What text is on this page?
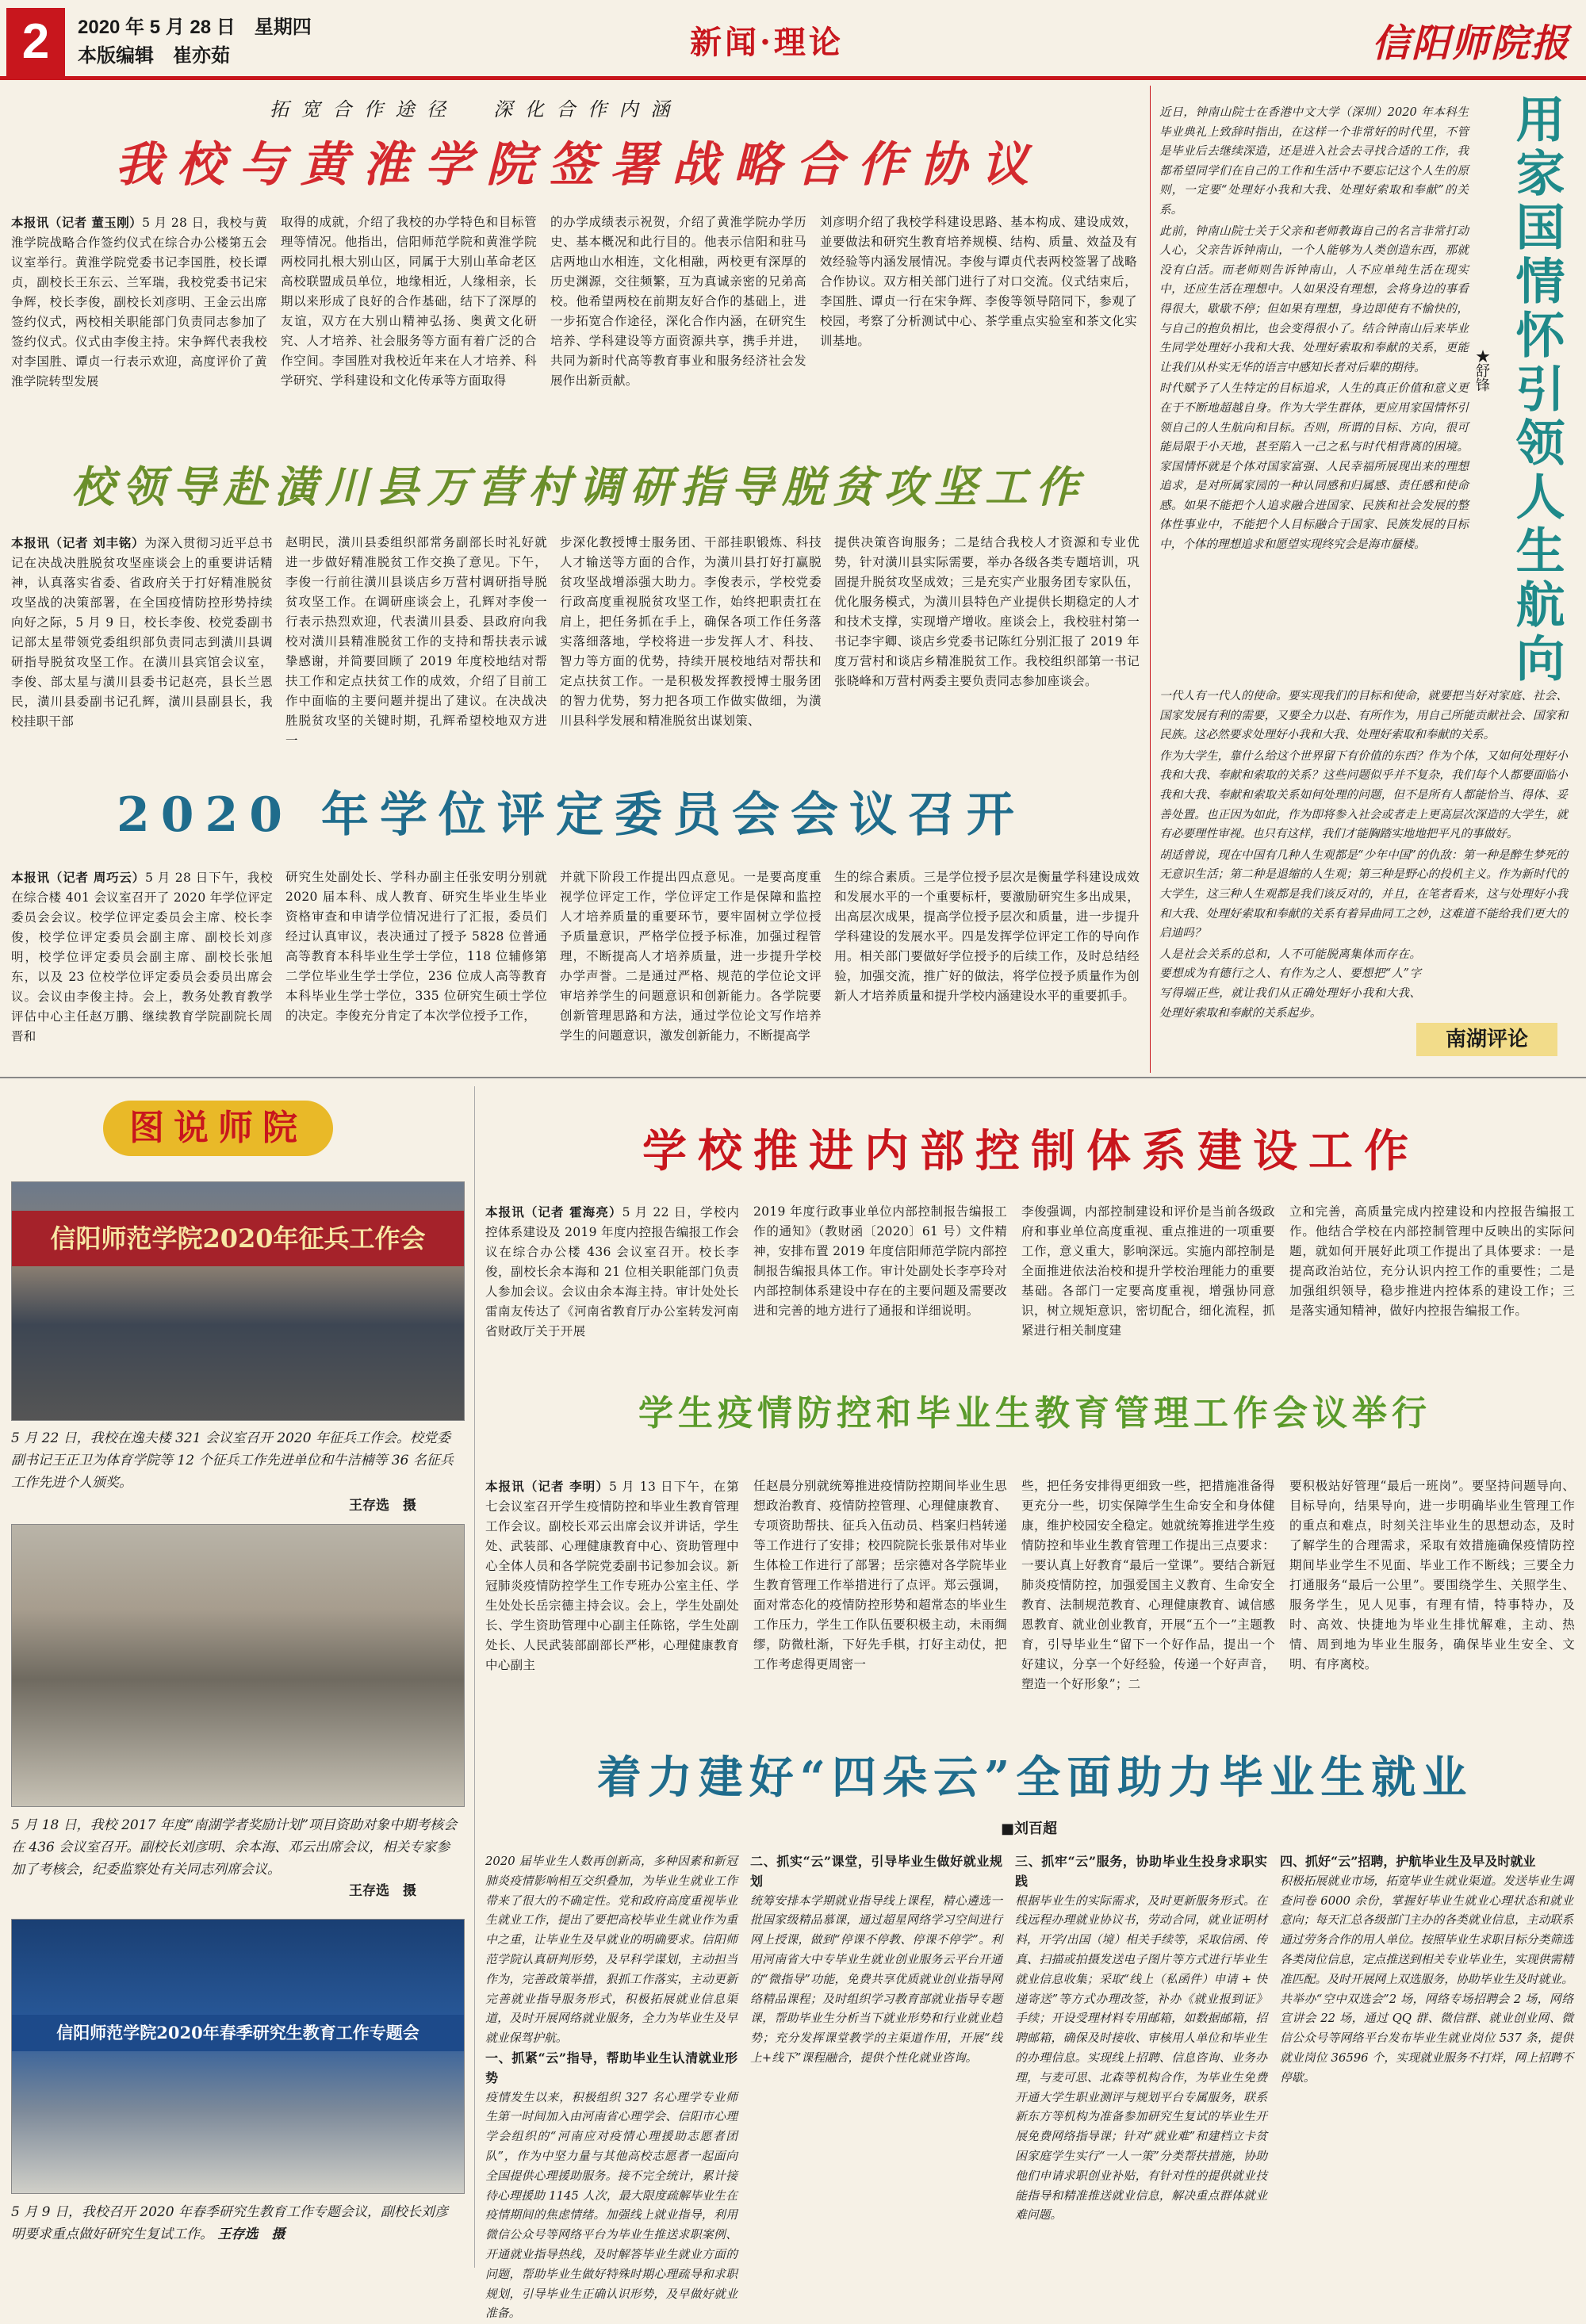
2	2020 年 5 月 28 日　星期四
本版编辑　崔亦茹	新闻·理论	信阳师院报
拓 宽 合 作 途 径　　深 化 合 作 内 涵
我校与黄淮学院签署战略合作协议

本报讯（记者 董玉刚）5 月 28 日，我校与黄淮学院战略合作签约仪式在综合办公楼第五会议室举行。黄淮学院党委书记李国胜，校长谭贞，副校长王东云、兰军瑞，我校党委书记宋争辉，校长李俊，副校长刘彦明、王金云出席签约仪式，两校相关职能部门负责同志参加了签约仪式。仪式由李俊主持。宋争辉代表我校对李国胜、谭贞一行表示欢迎，高度评价了黄淮学院转型发展

取得的成就，介绍了我校的办学特色和目标管理等情况。他指出，信阳师范学院和黄淮学院两校同扎根大别山区，同属于大别山革命老区高校联盟成员单位，地缘相近，人缘相亲，长期以来形成了良好的合作基础，结下了深厚的友谊，双方在大别山精神弘扬、奥黄文化研究、人才培养、社会服务等方面有着广泛的合作空间。李国胜对我校近年来在人才培养、科学研究、学科建设和文化传承等方面取得

的办学成绩表示祝贺，介绍了黄淮学院办学历史、基本概况和此行目的。他表示信阳和驻马店两地山水相连，文化相融，两校更有深厚的历史渊源，交往频繁，互为真诚亲密的兄弟高校。他希望两校在前期友好合作的基础上，进一步拓宽合作途径，深化合作内涵，在研究生培养、学科建设等方面资源共享，携手并进，共同为新时代高等教育事业和服务经济社会发展作出新贡献。

刘彦明介绍了我校学科建设思路、基本构成、建设成效，並要做法和研究生教育培养规模、结构、质量、效益及有效经验等内涵发展情况。李俊与谭贞代表两校签署了战略合作协议。双方相关部门进行了对口交流。仪式结束后，李国胜、谭贞一行在宋争辉、李俊等领导陪同下，参观了校园，考察了分析测试中心、茶学重点实验室和茶文化实训基地。

近日，钟南山院士在香港中文大学（深圳）2020 年本科生毕业典礼上致辞时指出，在这样一个非常好的时代里，不管是毕业后去继续深造，还是进入社会去寻找合适的工作，我都希望同学们在自己的工作和生活中不要忘记这个人生的原则，一定要“处理好小我和大我、处理好索取和奉献”的关系。

此前，钟南山院士关于父亲和老师教诲自己的名言非常打动人心，父亲告诉钟南山，一个人能够为人类创造东西，那就没有白活。而老师则告诉钟南山，人不应单纯生活在现实中，还应生活在理想中。人如果没有理想，会将身边的事看得很大，歇歇不停；但如果有理想，身边即使有不愉快的，与自己的抱负相比，也会变得很小了。结合钟南山后来毕业生同学处理好小我和大我、处理好索取和奉献的关系，更能让我们从朴实无华的语言中感知长者对后辈的期待。

时代赋予了人生特定的目标追求，人生的真正价值和意义更在于不断地超越自身。作为大学生群体，更应用家国情怀引领自己的人生航向和目标。否则，所谓的目标、方向，很可能局限于小天地，甚至陷入一己之私与时代相背离的困境。家国情怀就是个体对国家富强、人民幸福所展现出来的理想追求，是对所属家园的一种认同感和归属感、责任感和使命感。如果不能把个人追求融合进国家、民族和社会发展的整体性事业中，不能把个人目标融合于国家、民族发展的目标中，个体的理想追求和愿望实现终究会是海市蜃楼。

一代人有一代人的使命。要实现我们的目标和使命，就要把当好对家庭、社会、国家发展有利的需要，又要全力以赴、有所作为，用自己所能贡献社会、国家和民族。这必然要求处理好小我和大我、处理好索取和奉献的关系。

作为大学生，靠什么给这个世界留下有价值的东西？作为个体，又如何处理好小我和大我、奉献和索取的关系？这些问题似乎并不复杂，我们每个人都要面临小我和大我、奉献和索取关系如何处理的问题，但不是所有人都能恰当、得体、妥善处置。也正因为如此，作为即将参入社会或者走上更高层次深造的大学生，就有必要理性审视。也只有这样，我们才能胸踏实地地把平凡的事做好。

胡适曾说，现在中国有几种人生观都是“少年中国”的仇敌：第一种是醉生梦死的无意识生活；第二种是退缩的人生观；第三种是野心的投机主义。作为新时代的大学生，这三种人生观都是我们该反对的，并且，在笔者看来，这与处理好小我和大我、处理好索取和奉献的关系有着异曲同工之妙，这难道不能给我们更大的启迪吗？

人是社会关系的总和，人不可能脱离集体而存在。要想成为有德行之人、有作为之人、要想把“人”字写得端正些，就让我们从正确处理好小我和大我、处理好索取和奉献的关系起步。

用家国情怀引领人生航向
★舒锋
南湖评论
校领导赴潢川县万营村调研指导脱贫攻坚工作

本报讯（记者 刘丰铭）为深入贯彻习近平总书记在决战决胜脱贫攻坚座谈会上的重要讲话精神，认真落实省委、省政府关于打好精准脱贫攻坚战的决策部署，在全国疫情防控形势持续向好之际，5 月 9 日，校长李俊、校党委副书记部太星带领党委组织部负责同志到潢川县调研指导脱贫攻坚工作。在潢川县宾馆会议室，李俊、部太星与潢川县委书记赵亮，县长兰恩民，潢川县委副书记孔辉，潢川县副县长，我校挂职干部

赵明民，潢川县委组织部常务副部长时礼好就进一步做好精准脱贫工作交换了意见。下午，李俊一行前往潢川县谈店乡万营村调研指导脱贫攻坚工作。在调研座谈会上，孔辉对李俊一行表示热烈欢迎，代表潢川县委、县政府向我校对潢川县精准脱贫工作的支持和帮扶表示诚挚感谢，并简要回顾了 2019 年度校地结对帮扶工作和定点扶贫工作的成效，介绍了目前工作中面临的主要问题并提出了建议。在决战决胜脱贫攻坚的关键时期，孔辉希望校地双方进一

步深化教授博士服务团、干部挂职锻炼、科技人才输送等方面的合作，为潢川县打好打赢脱贫攻坚战增添强大助力。李俊表示，学校党委行政高度重视脱贫攻坚工作，始终把职责扛在肩上，把任务抓在手上，确保各项工作任务落实落细落地，学校将进一步发挥人才、科技、智力等方面的优势，持续开展校地结对帮扶和定点扶贫工作。一是积极发挥教授博士服务团的智力优势，努力把各项工作做实做细，为潢川县科学发展和精准脱贫出谋划策、

提供决策咨询服务；二是结合我校人才资源和专业优势，针对潢川县实际需要，举办各级各类专题培训，巩固提升脱贫攻坚成效；三是充实产业服务团专家队伍，优化服务模式，为潢川县特色产业提供长期稳定的人才和技术支撑，实现增产增收。座谈会上，我校驻村第一书记李宇卿、谈店乡党委书记陈红分别汇报了 2019 年度万营村和谈店乡精准脱贫工作。我校组织部第一书记张晓峰和万营村两委主要负责同志参加座谈会。

2020 年学位评定委员会会议召开

本报讯（记者 周巧云）5 月 28 日下午，我校在综合楼 401 会议室召开了 2020 年学位评定委员会会议。校学位评定委员会主席、校长李俊，校学位评定委员会副主席、副校长刘彦明，校学位评定委员会副主席、副校长张旭东，以及 23 位校学位评定委员会委员出席会议。会议由李俊主持。会上，教务处教育教学评估中心主任赵万鹏、继续教育学院副院长周晋和

研究生处副处长、学科办副主任张安明分别就 2020 届本科、成人教育、研究生毕业生毕业资格审查和申请学位情况进行了汇报，委员们经过认真审议，表决通过了授予 5828 位普通高等教育本科毕业生学士学位，118 位辅修第二学位毕业生学士学位，236 位成人高等教育本科毕业生学士学位，335 位研究生硕士学位的决定。李俊充分肯定了本次学位授予工作，

并就下阶段工作提出四点意见。一是要高度重视学位评定工作，学位评定工作是保障和监控人才培养质量的重要环节，要牢固树立学位授予质量意识，严格学位授予标准，加强过程管理，不断提高人才培养质量，进一步提升学校办学声誉。二是通过严格、规范的学位论文评审培养学生的问题意识和创新能力。各学院要创新管理思路和方法，通过学位论文写作培养学生的问题意识，激发创新能力，不断提高学

生的综合素质。三是学位授予层次是衡量学科建设成效和发展水平的一个重要标杆，要激励研究生多出成果，出高层次成果，提高学位授予层次和质量，进一步提升学科建设的发展水平。四是发挥学位评定工作的导向作用。相关部门要做好学位授予的后续工作，及时总结经验，加强交流，推广好的做法，将学位授予质量作为创新人才培养质量和提升学校内涵建设水平的重要抓手。

图说师院
信阳师范学院2020年征兵工作会
5 月 22 日，我校在逸夫楼 321 会议室召开 2020 年征兵工作会。校党委副书记王正卫为体育学院等 12 个征兵工作先进单位和牛洁楠等 36 名征兵工作先进个人颁奖。
王存选　摄
5 月 18 日，我校 2017 年度“南湖学者奖励计划”项目资助对象中期考核会在 436 会议室召开。副校长刘彦明、余本海、邓云出席会议，相关专家参加了考核会，纪委监察处有关同志列席会议。
王存选　摄
信阳师范学院2020年春季研究生教育工作专题会
5 月 9 日，我校召开 2020 年春季研究生教育工作专题会议，副校长刘彦明要求重点做好研究生复试工作。 王存选　摄
学校推进内部控制体系建设工作

本报讯（记者 霍海亮）5 月 22 日，学校内控体系建设及 2019 年度内控报告编报工作会议在综合办公楼 436 会议室召开。校长李俊，副校长余本海和 21 位相关职能部门负责人参加会议。会议由余本海主持。审计处处长雷南友传达了《河南省教育厅办公室转发河南省财政厅关于开展

2019 年度行政事业单位内部控制报告编报工作的通知》（教财函〔2020〕61 号）文件精神，安排布置 2019 年度信阳师范学院内部控制报告编报具体工作。审计处副处长李亭玲对内部控制体系建设中存在的主要问题及需要改进和完善的地方进行了通报和详细说明。

李俊强调，内部控制建设和评价是当前各级政府和事业单位高度重视、重点推进的一项重要工作，意义重大，影响深远。实施内部控制是全面推进依法治校和提升学校治理能力的重要基础。各部门一定要高度重视，增强协同意识，树立规矩意识，密切配合，细化流程，抓紧进行相关制度建

立和完善，高质量完成内控建设和内控报告编报工作。他结合学校在内部控制管理中反映出的实际问题，就如何开展好此项工作提出了具体要求：一是提高政治站位，充分认识内控工作的重要性；二是加强组织领导，稳步推进内控体系的建设工作；三是落实通知精神，做好内控报告编报工作。

学生疫情防控和毕业生教育管理工作会议举行

本报讯（记者 李明）5 月 13 日下午，在第七会议室召开学生疫情防控和毕业生教育管理工作会议。副校长邓云出席会议并讲话，学生处、武装部、心理健康教育中心、资助管理中心全体人员和各学院党委副书记参加会议。新冠肺炎疫情防控学生工作专班办公室主任、学生处处长岳宗德主持会议。会上，学生处副处长、学生资助管理中心副主任陈铭，学生处副处长、人民武装部副部长严彬，心理健康教育中心副主

任赵晨分别就统筹推进疫情防控期间毕业生思想政治教育、疫情防控管理、心理健康教育、专项资助帮扶、征兵入伍动员、档案归档转递等工作进行了安排；校四院院长张景伟对毕业生体检工作进行了部署；岳宗德对各学院毕业生教育管理工作举措进行了点评。郑云强调，面对常态化的疫情防控形势和超常态的毕业生工作压力，学生工作队伍要积极主动，未雨绸缪，防微杜渐，下好先手棋，打好主动仗，把工作考虑得更周密一

些，把任务安排得更细致一些，把措施准备得更充分一些，切实保障学生生命安全和身体健康，维护校园安全稳定。她就统筹推进学生疫情防控和毕业生教育管理工作提出三点要求：一要认真上好教育“最后一堂课”。要结合新冠肺炎疫情防控，加强爱国主义教育、生命安全教育、法制规范教育、心理健康教育、诚信感恩教育、就业创业教育，开展“五个一”主题教育，引导毕业生“留下一个好作品，提出一个好建议，分享一个好经验，传递一个好声音，塑造一个好形象”；二

要积极站好管理“最后一班岗”。要坚持问题导向、目标导向，结果导向，进一步明确毕业生管理工作的重点和难点，时刻关注毕业生的思想动态，及时了解学生的合理需求，采取有效措施确保疫情防控期间毕业学生不见面、毕业工作不断线；三要全力打通服务“最后一公里”。要围绕学生、关照学生、服务学生，见人见事，有理有情，特事特办，及时、高效、快捷地为毕业生排忧解难，主动、热情、周到地为毕业生服务，确保毕业生安全、文明、有序离校。

着力建好“四朵云”全面助力毕业生就业
■刘百超

2020 届毕业生人数再创新高，多种因素和新冠肺炎疫情影响相互交织叠加，为毕业生就业工作带来了很大的不确定性。党和政府高度重视毕业生就业工作，提出了要把高校毕业生就业作为重中之重，让毕业生及早就业的明确要求。信阳师范学院认真研判形势，及早科学谋划，主动担当作为，完善政策举措，狠抓工作落实，主动更新完善就业指导服务形式，积极拓展就业信息渠道，及时开展网络就业服务，全力为毕业生及早就业保驾护航。

一、抓紧“云”指导，帮助毕业生认清就业形势

疫情发生以来，积极组织 327 名心理学专业师生第一时间加入由河南省心理学会、信阳市心理学会组织的“河南应对疫情心理援助志愿者团队”，作为中坚力量与其他高校志愿者一起面向全国提供心理援助服务。接不完全统计，累计接待心理援助 1145 人次，最大限度疏解毕业生在疫情期间的焦虑情绪。加强线上就业指导，利用微信公众号等网络平台为毕业生推送求职案例、开通就业指导热线，及时解答毕业生就业方面的问题，帮助毕业生做好特殊时期心理疏导和求职规划，引导毕业生正确认识形势，及早做好就业准备。

二、抓实“云”课堂，引导毕业生做好就业规划

统筹安排本学期就业指导线上课程，精心遴选一批国家级精品慕课，通过超星网络学习空间进行网上授课，做到“停课不停教、停课不停学”。利用河南省大中专毕业生就业创业服务云平台开通的“微指导”功能，免费共享优质就业创业指导网络精品课程；及时组织学习教育部就业指导专题课，帮助毕业生分析当下就业形势和行业就业趋势；充分发挥课堂教学的主渠道作用，开展“线上+线下”课程融合，提供个性化就业咨询。

三、抓牢“云”服务，协助毕业生投身求职实践

根据毕业生的实际需求，及时更新服务形式。在线远程办理就业协议书，劳动合同，就业证明材料，开学/出国（境）相关手续等，采取信函、传真、扫描或拍摄发送电子图片等方式进行毕业生就业信息收集；采取“线上（私函件）申请 + 快递寄送”等方式办理改签，补办《就业报到证》手续；开设受理材料专用邮箱，如数据邮箱，招聘邮箱，确保及时接收、审核用人单位和毕业生的办理信息。实现线上招聘、信息咨询、业务办理，与麦可思、北森等机构合作，为毕业生免费开通大学生职业测评与规划平台专属服务，联系新东方等机构为准备参加研究生复试的毕业生开展免费网络指导课；针对“就业难”和建档立卡贫困家庭学生实行“一人一策”分类帮扶措施，协助他们申请求职创业补贴，有针对性的提供就业技能指导和精准推送就业信息，解决重点群体就业难问题。

四、抓好“云”招聘，护航毕业生及早及时就业

积极拓展就业市场，拓宽毕业生就业渠道。发送毕业生调查问卷 6000 余份，掌握好毕业生就业心理状态和就业意向；每天汇总各级部门主办的各类就业信息，主动联系通过劳务合作的用人单位。按照毕业生求职目标分类筛选各类岗位信息，定点推送到相关专业毕业生，实现供需精准匹配。及时开展网上双选服务，协助毕业生及时就业。共举办“空中双选会”2 场，网络专场招聘会 2 场，网络宣讲会 22 场，通过 QQ 群、微信群、就业创业网、微信公众号等网络平台发布毕业生就业岗位 537 条，提供就业岗位 36596 个，实现就业服务不打烊，网上招聘不停歇。
